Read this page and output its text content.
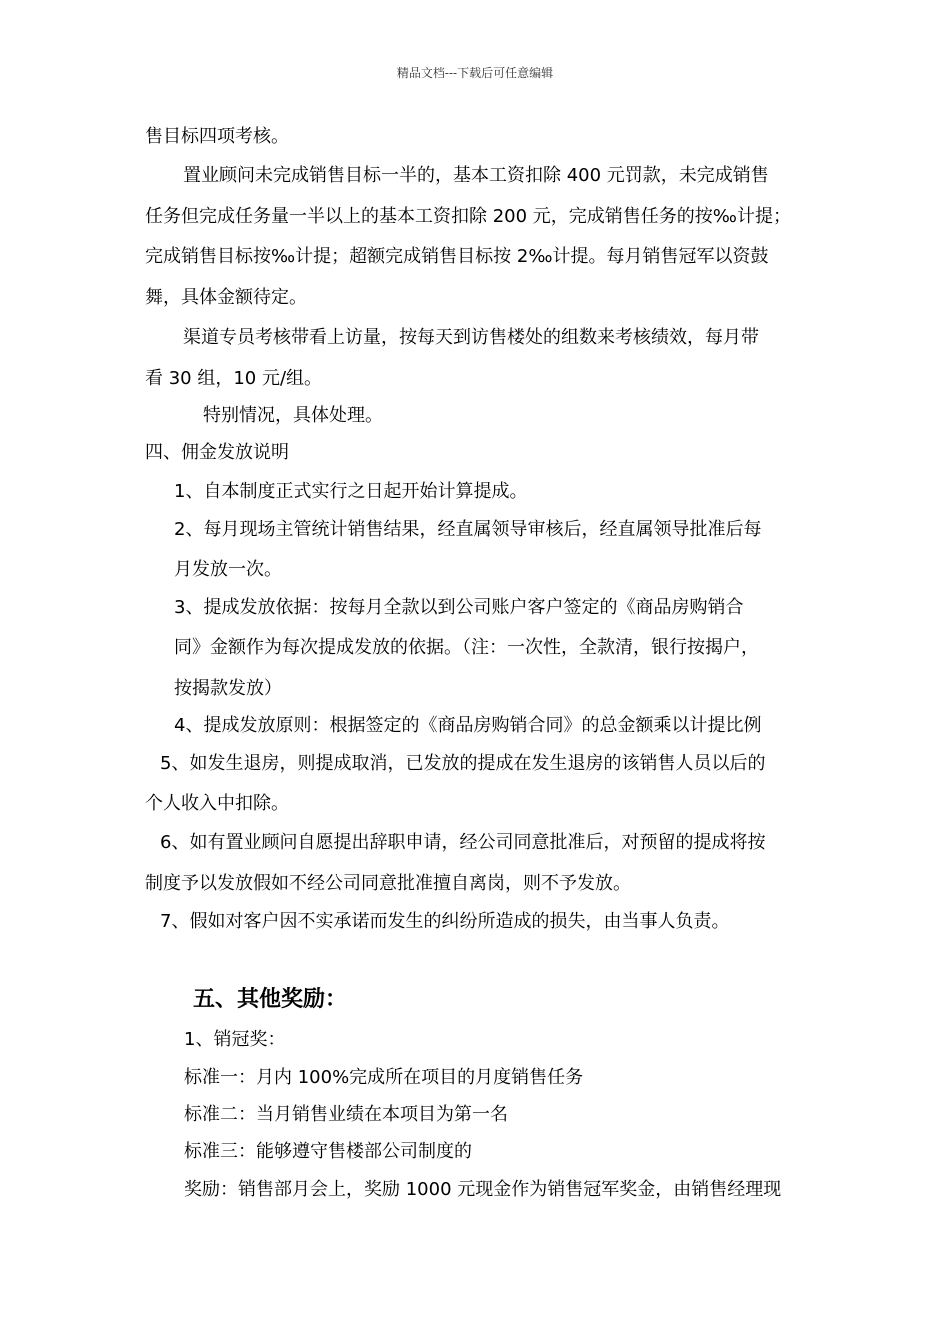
精品文档---下载后可任意编辑
售目标四项考核。
置业顾问未完成销售目标一半的，基本工资扣除 400 元罚款，未完成销售
任务但完成任务量一半以上的基本工资扣除 200 元，完成销售任务的按‰计提；
完成销售目标按‰计提；超额完成销售目标按 2‰计提。每月销售冠军以资鼓
舞，具体金额待定。
渠道专员考核带看上访量，按每天到访售楼处的组数来考核绩效，每月带
看 30 组，10 元/组。
特别情况，具体处理。
四、佣金发放说明
1、自本制度正式实行之日起开始计算提成。
2、每月现场主管统计销售结果，经直属领导审核后，经直属领导批准后每
月发放一次。
3、提成发放依据：按每月全款以到公司账户客户签定的《商品房购销合
同》金额作为每次提成发放的依据。（注：一次性，全款清，银行按揭户，
按揭款发放）
4、提成发放原则：根据签定的《商品房购销合同》的总金额乘以计提比例
5、如发生退房，则提成取消，已发放的提成在发生退房的该销售人员以后的
个人收入中扣除。
6、如有置业顾问自愿提出辞职申请，经公司同意批准后，对预留的提成将按
制度予以发放假如不经公司同意批准擅自离岗，则不予发放。
7、假如对客户因不实承诺而发生的纠纷所造成的损失，由当事人负责。
五、其他奖励：
1、销冠奖：
标准一：月内 100%完成所在项目的月度销售任务
标准二：当月销售业绩在本项目为第一名
标准三：能够遵守售楼部公司制度的
奖励：销售部月会上，奖励 1000 元现金作为销售冠军奖金，由销售经理现
